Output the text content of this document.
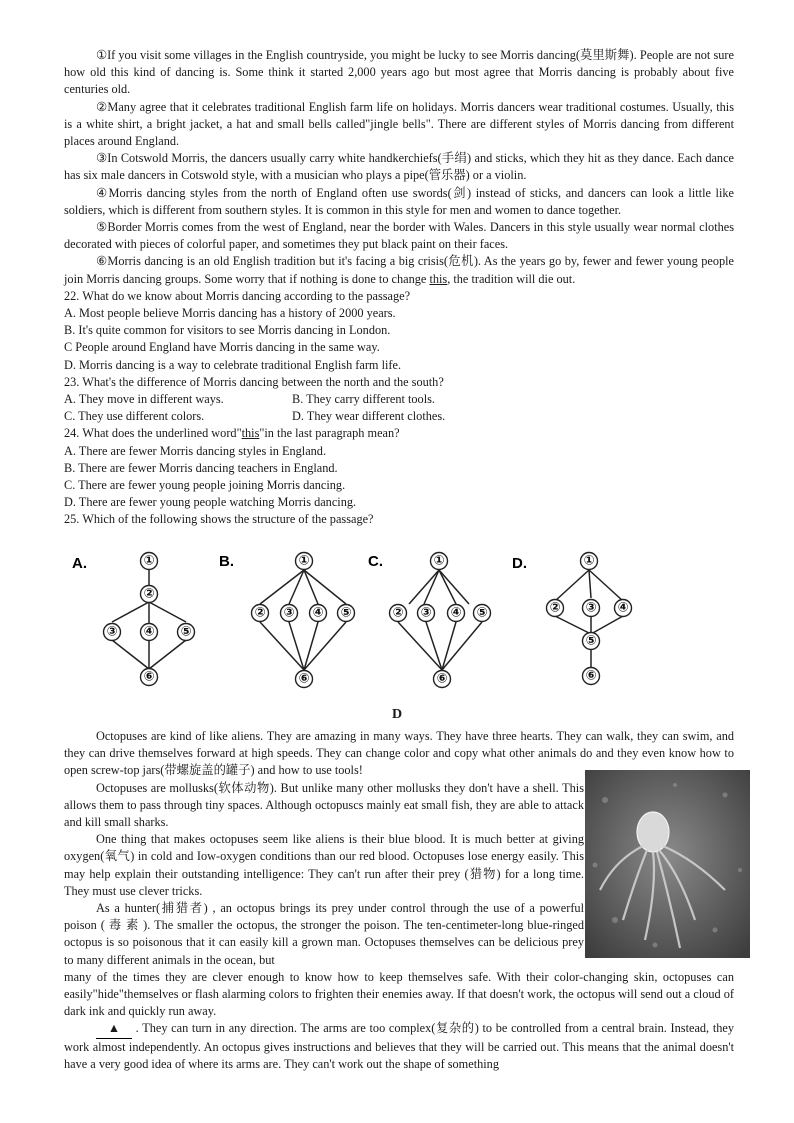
①If you visit some villages in the English countryside, you might be lucky to see Morris dancing(莫里斯舞). People are not sure how old this kind of dancing is. Some think it started 2,000 years ago but most agree that Morris dancing is probably about five centuries old.

②Many agree that it celebrates traditional English farm life on holidays. Morris dancers wear traditional costumes. Usually, this is a white shirt, a bright jacket, a hat and small bells called"jingle bells". There are different styles of Morris dancing from different places around England.

③In Cotswold Morris, the dancers usually carry white handkerchiefs(手绢) and sticks, which they hit as they dance. Each dance has six male dancers in Cotswold style, with a musician who plays a pipe(管乐器) or a violin.

④Morris dancing styles from the north of England often use swords(剑) instead of sticks, and dancers can look a little like soldiers, which is different from southern styles. It is common in this style for men and women to dance together.

⑤Border Morris comes from the west of England, near the border with Wales. Dancers in this style usually wear normal clothes decorated with pieces of colorful paper, and sometimes they put black paint on their faces.

⑥Morris dancing is an old English tradition but it's facing a big crisis(危机). As the years go by, fewer and fewer young people join Morris dancing groups. Some worry that if nothing is done to change this, the tradition will die out.

22. What do we know about Morris dancing according to the passage?

A. Most people believe Morris dancing has a history of 2000 years.

B. It's quite common for visitors to see Morris dancing in London.

C People around England have Morris dancing in the same way.

D. Morris dancing is a way to celebrate traditional English farm life.

23. What's the difference of Morris dancing between the north and the south?

A. They move in different ways.	B. They carry different tools.
C. They use different colors.	D. They wear different clothes.

24. What does the underlined word"this"in the last paragraph mean?

A. There are fewer Morris dancing styles in England.

B. There are fewer Morris dancing teachers in England.

C. There are fewer young people joining Morris dancing.

D. There are fewer young people watching Morris dancing.

25. Which of the following shows the structure of the passage?

A.	B.	C.	D.
①
②
③ ④ ⑤
⑥
①
② ③ ④ ⑤
⑥
①
② ③ ④ ⑤
⑥
①
② ③ ④
⑤
⑥
D

Octopuses are kind of like aliens. They are amazing in many ways. They have three hearts. They can walk, they can swim, and they can drive themselves forward at high speeds. They can change color and copy what other animals do and they even know how to open screw-top jars(带螺旋盖的罐子) and how to use tools!

Octopuses are mollusks(软体动物). But unlike many other mollusks they don't have a shell. This allows them to pass through tiny spaces. Although octopuscs mainly eat small fish, they are able to attack and kill small sharks.

One thing that makes octopuses seem like aliens is their blue blood. It is much better at giving oxygen(氧气) in cold and Iow-oxygen conditions than our red blood. Octopuses lose energy easily. This may help explain their outstanding intelligence: They can't run after their prey (猎物) for a long time. They must use clever tricks.

As a hunter(捕猎者) , an octopus brings its prey under control through the use of a powerful poison ( 毒 素 ). The smaller the octopus, the stronger the poison. The ten-centimeter-long blue-ringed octopus is so poisonous that it can easily kill a grown man. Octopuses themselves can be delicious prey to many different animals in the ocean, but

many of the times they are clever enough to know how to keep themselves safe. With their color-changing skin, octopuses can easily"hide"themselves or flash alarming colors to frighten their enemies away. If that doesn't work, the octopus will send out a cloud of dark ink and quickly run away.

▲ . They can turn in any direction. The arms are too complex(复杂的) to be controlled from a central brain. Instead, they work almost independently. An octopus gives instructions and believes that they will be carried out. This means that the animal doesn't have a very good idea of where its arms are. They can't work out the shape of something
